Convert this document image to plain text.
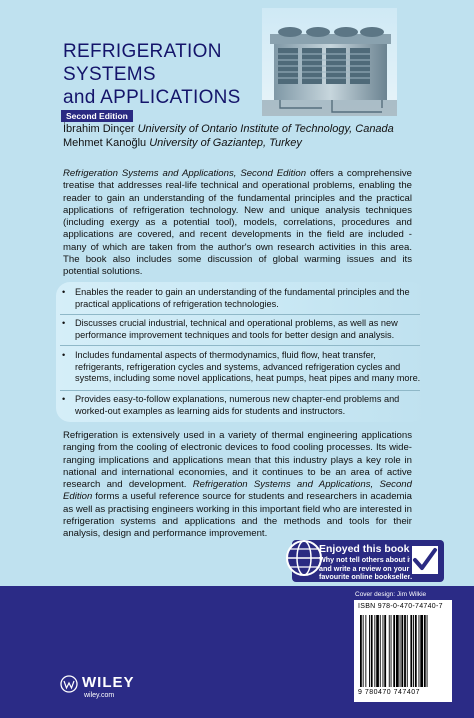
REFRIGERATION
SYSTEMS
and APPLICATIONS
Second Edition
İbrahim Dinçer University of Ontario Institute of Technology, Canada
Mehmet Kanoğlu University of Gaziantep, Turkey
Refrigeration Systems and Applications, Second Edition offers a comprehensive treatise that addresses real-life technical and operational problems, enabling the reader to gain an understanding of the fundamental principles and the practical applications of refrigeration technology. New and unique analysis techniques (including exergy as a potential tool), models, correlations, procedures and applications are covered, and recent developments in the field are included - many of which are taken from the author's own research activities in this area. The book also includes some discussion of global warming issues and its potential solutions.
• Enables the reader to gain an understanding of the fundamental principles and the practical applications of refrigeration technologies.
• Discusses crucial industrial, technical and operational problems, as well as new performance improvement techniques and tools for better design and analysis.
• Includes fundamental aspects of thermodynamics, fluid flow, heat transfer, refrigerants, refrigeration cycles and systems, advanced refrigeration cycles and systems, including some novel applications, heat pumps, heat pipes and many more.
• Provides easy-to-follow explanations, numerous new chapter-end problems and worked-out examples as learning aids for students and instructors.
Refrigeration is extensively used in a variety of thermal engineering applications ranging from the cooling of electronic devices to food cooling processes. Its wide-ranging implications and applications mean that this industry plays a key role in national and international economies, and it continues to be an area of active research and development. Refrigeration Systems and Applications, Second Edition forms a useful reference source for students and researchers in academia as well as practising engineers working in this important field who are interested in refrigeration systems and applications and the methods and tools for their analysis, design and performance improvement.
Enjoyed this book?
Why not tell others about it
and write a review on your
favourite online bookseller.
Cover design: Jim Wilkie
ISBN 978-0-470-74740-7
9 780470 747407
WILEY
wiley.com
